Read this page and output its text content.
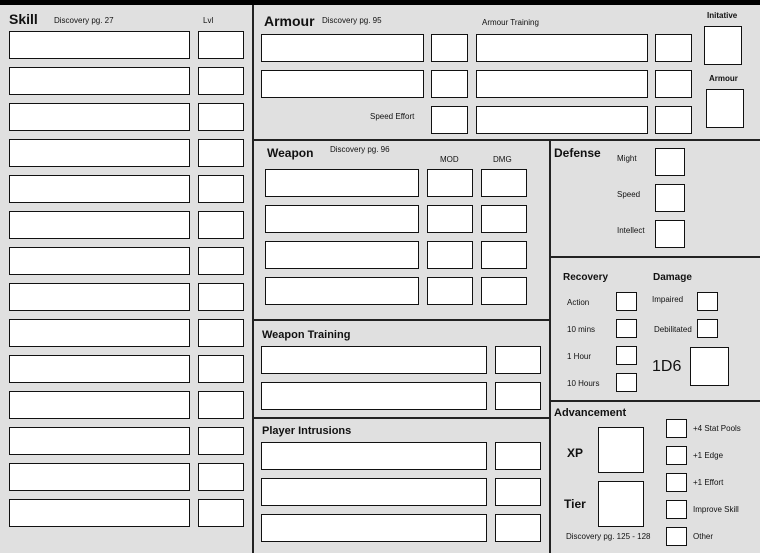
Skill Discovery pg. 27	Lvl	Armour Discovery pg. 95	Armour Training
Speed Effort
Initative
Armour
Weapon Discovery pg. 96
MOD	DMG	Defense Might
Speed
Intellect
Recovery
Action
10 mins
1 Hour
10 Hours
Damage
Impaired
Debilitated
1D6
Weapon Training
Player Intrusions
Advancement
XP
Tier
Discovery pg. 125 - 128
+4 Stat Pools
+1 Edge
+1 Effort
Improve Skill
Other
